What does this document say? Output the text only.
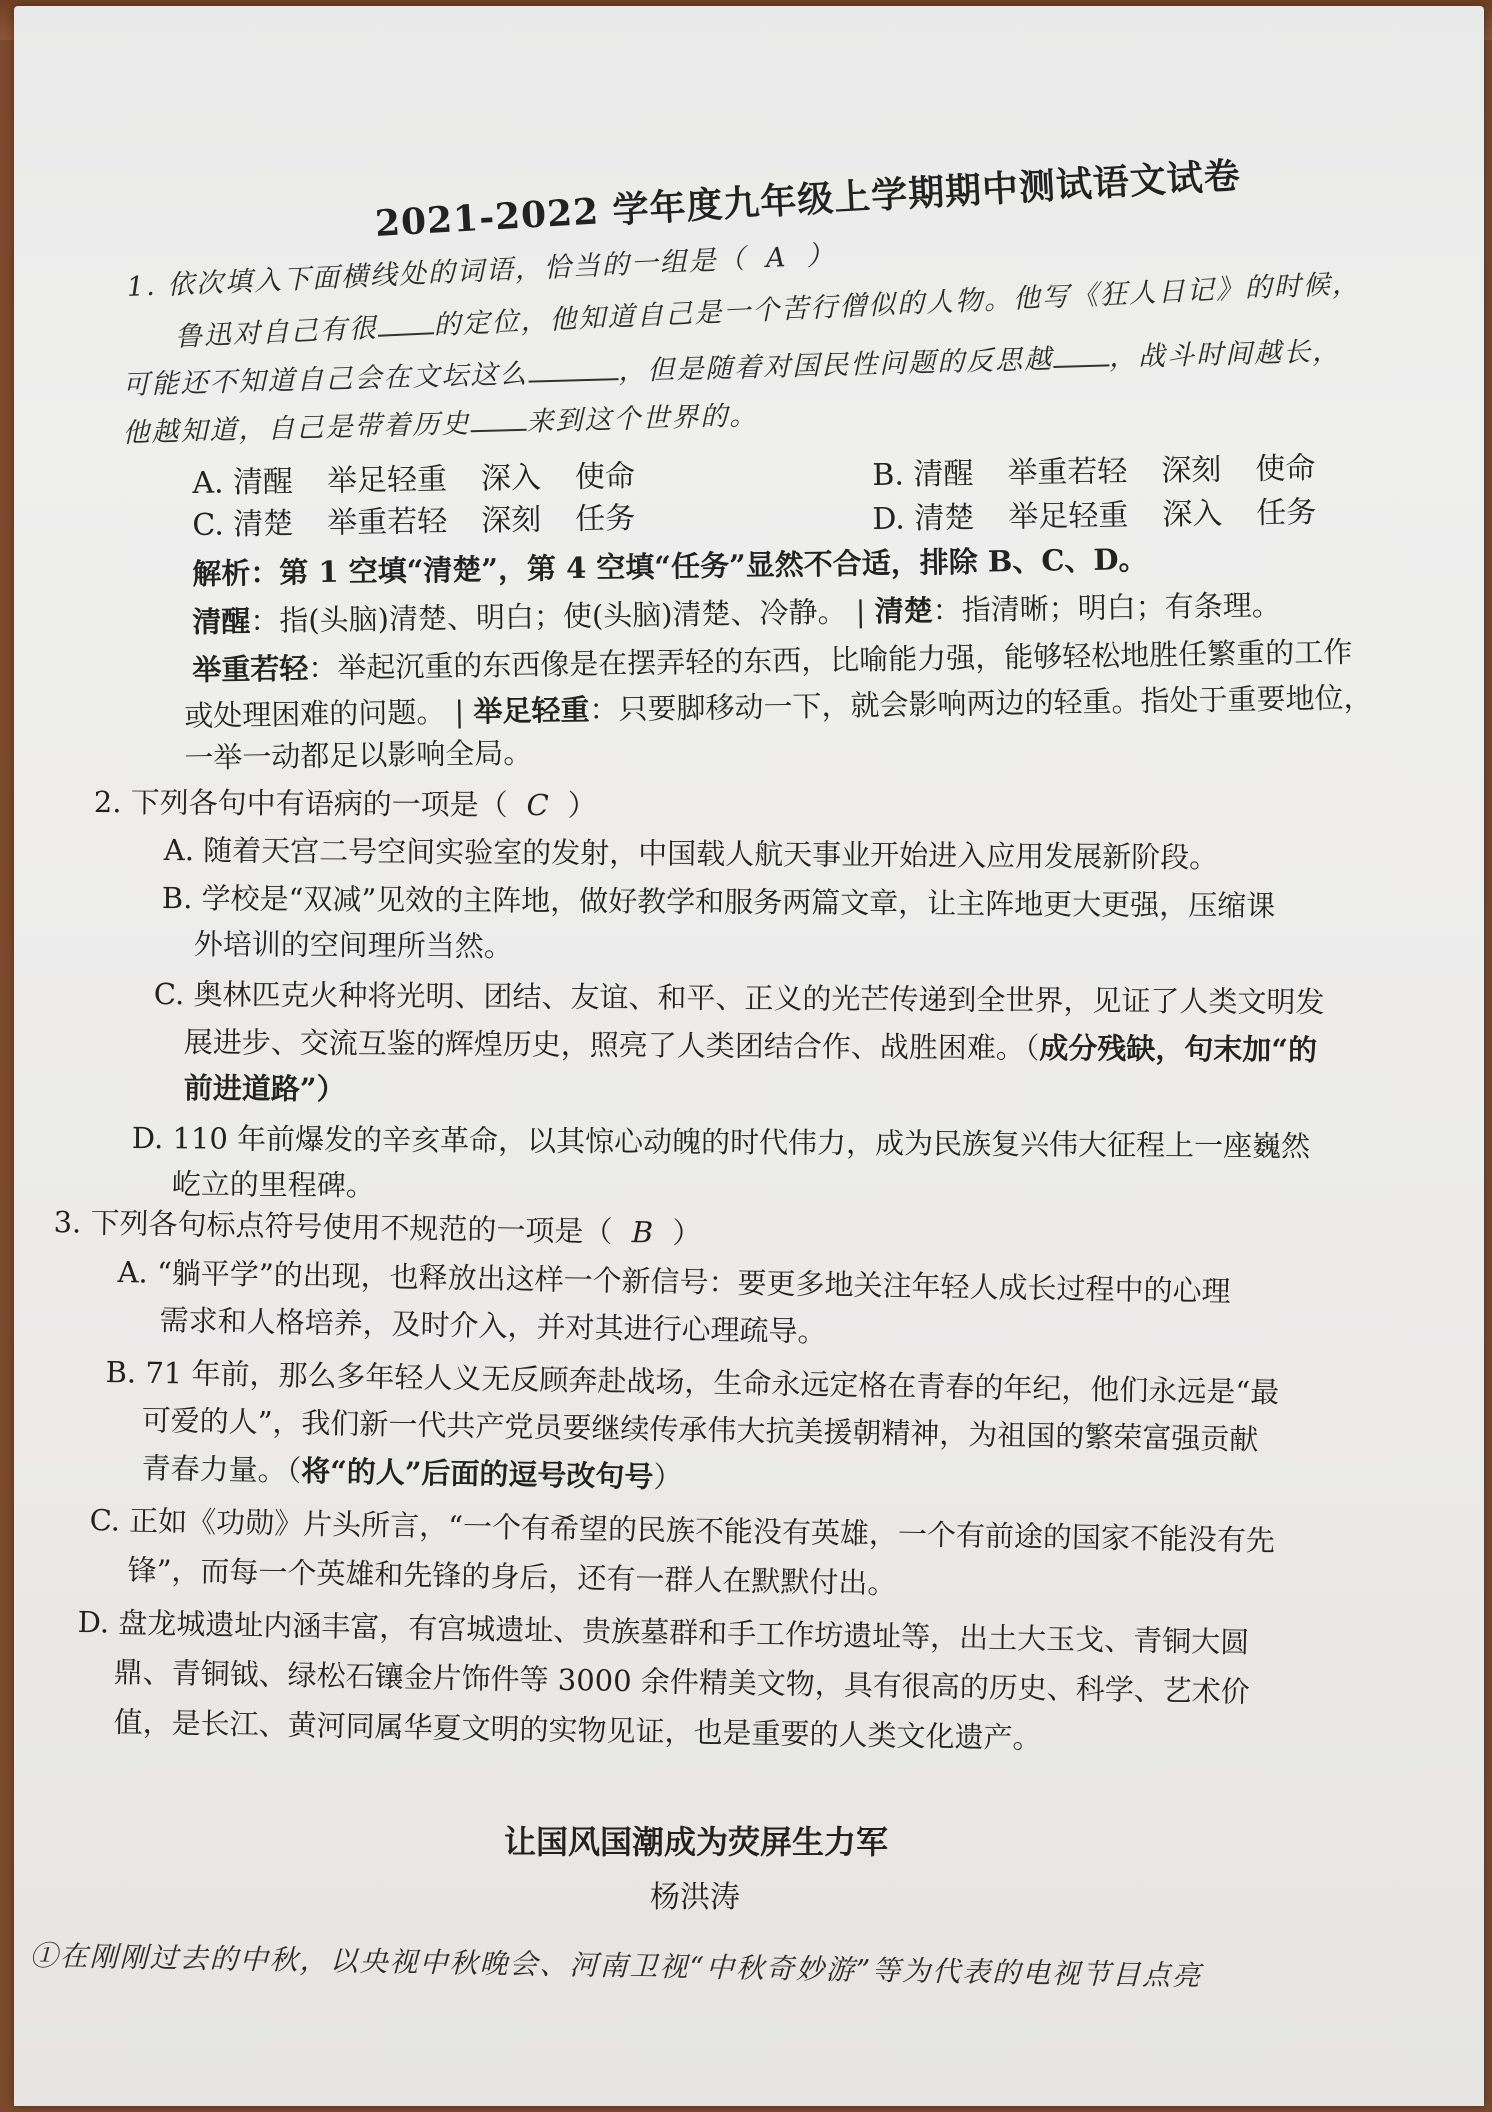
2021-2022 学年度九年级上学期期中测试语文试卷
1. 依次填入下面横线处的词语，恰当的一组是（ A ）
鲁迅对自己有很 的定位，他知道自己是一个苦行僧似的人物。他写《狂人日记》的时候，
可能还不知道自己会在文坛这么	，但是随着对国民性问题的反思越 ，战斗时间越长，
他越知道，自己是带着历史 来到这个世界的。
A. 清醒 举足轻重 深入 使命	B. 清醒 举重若轻 深刻 使命
C. 清楚 举重若轻 深刻 任务	D. 清楚 举足轻重 深入 任务
解析：第 1 空填“清楚”，第 4 空填“任务”显然不合适，排除 B、C、D。
清醒：指(头脑)清楚、明白；使(头脑)清楚、冷静。 | 清楚：指清晰；明白；有条理。
举重若轻：举起沉重的东西像是在摆弄轻的东西，比喻能力强，能够轻松地胜任繁重的工作
或处理困难的问题。 | 举足轻重：只要脚移动一下，就会影响两边的轻重。指处于重要地位，
一举一动都足以影响全局。
2. 下列各句中有语病的一项是（ C ）
A. 随着天宫二号空间实验室的发射，中国载人航天事业开始进入应用发展新阶段。
B. 学校是“双减”见效的主阵地，做好教学和服务两篇文章，让主阵地更大更强，压缩课
外培训的空间理所当然。
C. 奥林匹克火种将光明、团结、友谊、和平、正义的光芒传递到全世界，见证了人类文明发
展进步、交流互鉴的辉煌历史，照亮了人类团结合作、战胜困难。（成分残缺，句末加“的
前进道路”）
D. 110 年前爆发的辛亥革命，以其惊心动魄的时代伟力，成为民族复兴伟大征程上一座巍然
屹立的里程碑。
3. 下列各句标点符号使用不规范的一项是（ B ）
A. “躺平学”的出现，也释放出这样一个新信号：要更多地关注年轻人成长过程中的心理
需求和人格培养，及时介入，并对其进行心理疏导。
B. 71 年前，那么多年轻人义无反顾奔赴战场，生命永远定格在青春的年纪，他们永远是“最
可爱的人”，我们新一代共产党员要继续传承伟大抗美援朝精神，为祖国的繁荣富强贡献
青春力量。（将“的人”后面的逗号改句号）
C. 正如《功勋》片头所言，“一个有希望的民族不能没有英雄，一个有前途的国家不能没有先
锋”，而每一个英雄和先锋的身后，还有一群人在默默付出。
D. 盘龙城遗址内涵丰富，有宫城遗址、贵族墓群和手工作坊遗址等，出土大玉戈、青铜大圆
鼎、青铜钺、绿松石镶金片饰件等 3000 余件精美文物，具有很高的历史、科学、艺术价
值，是长江、黄河同属华夏文明的实物见证，也是重要的人类文化遗产。
让国风国潮成为荧屏生力军
杨洪涛
①在刚刚过去的中秋，以央视中秋晚会、河南卫视“中秋奇妙游”等为代表的电视节目点亮
